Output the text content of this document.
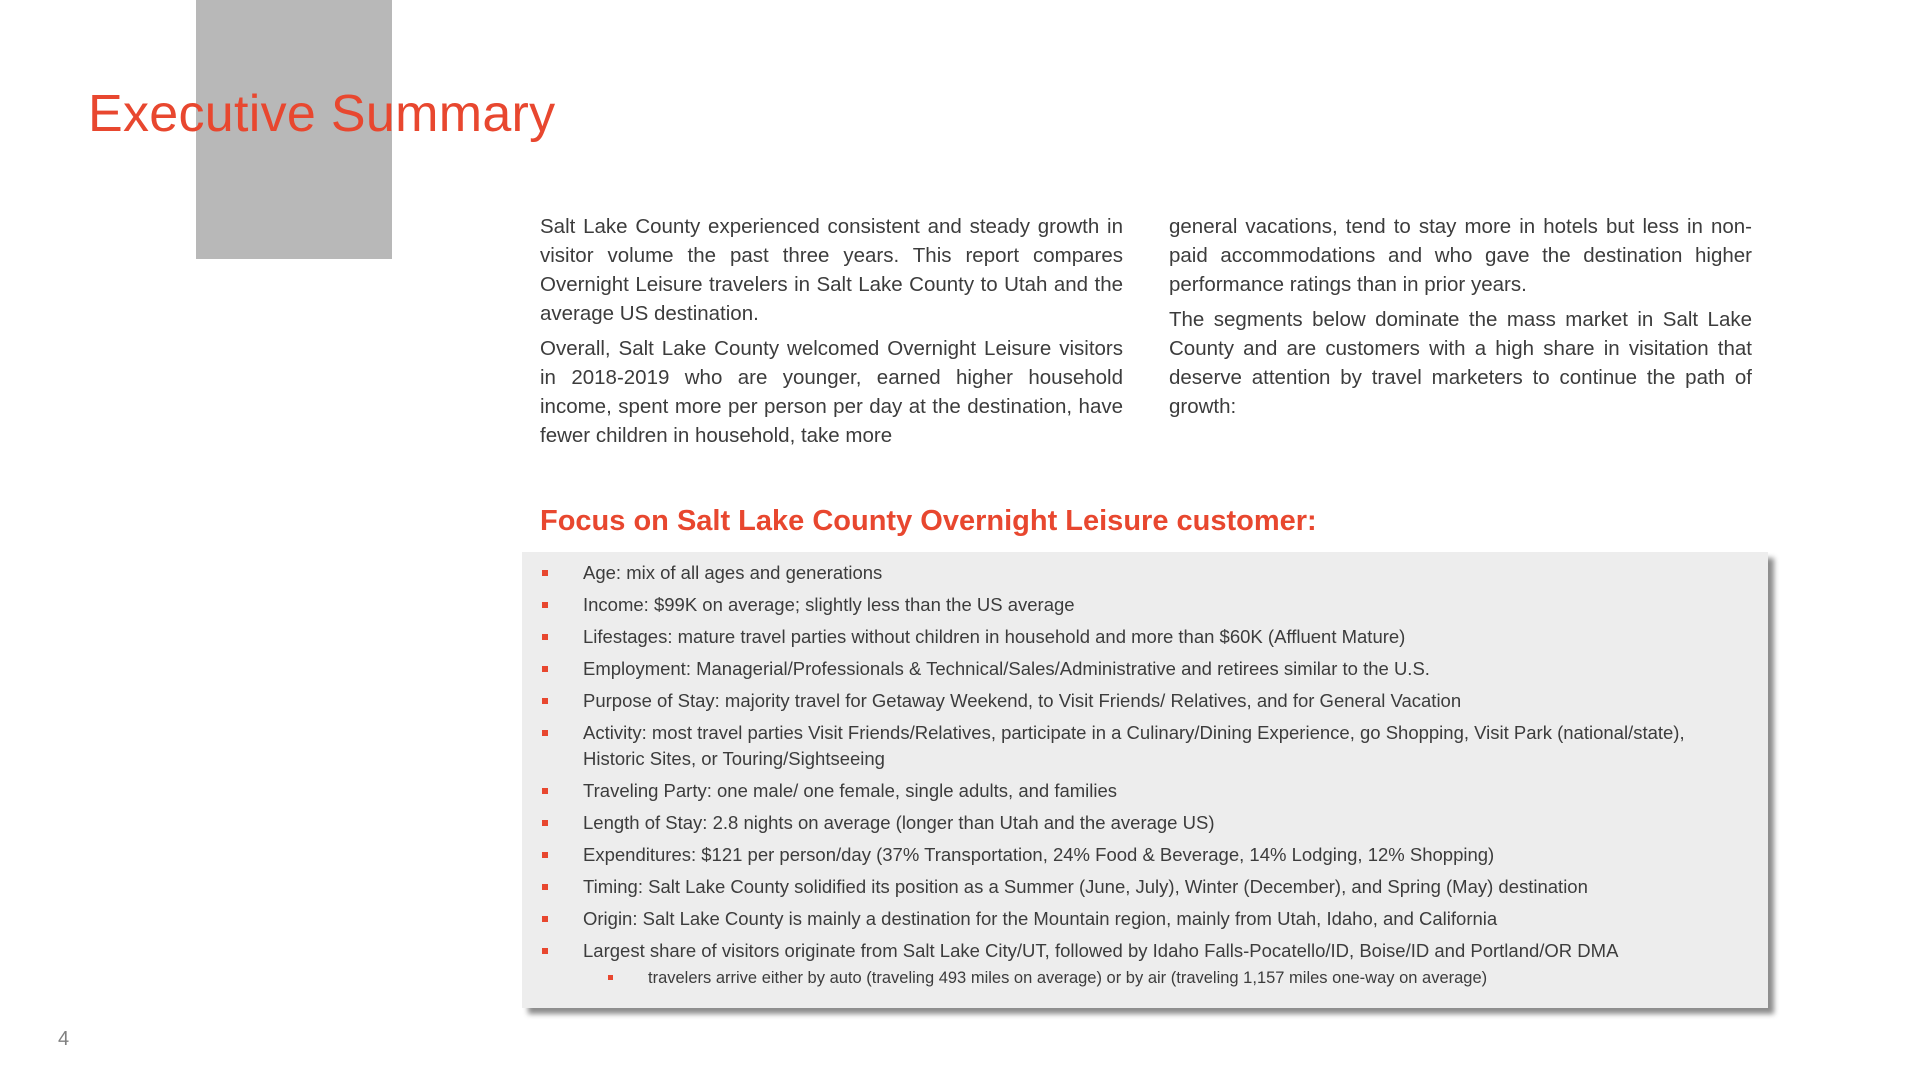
Executive Summary

Salt Lake County experienced consistent and steady growth in visitor volume the past three years. This report compares Overnight Leisure travelers in Salt Lake County to Utah and the average US destination.

Overall, Salt Lake County welcomed Overnight Leisure visitors in 2018-2019 who are younger, earned higher household income, spent more per person per day at the destination, have fewer children in household, take more

general vacations, tend to stay more in hotels but less in non-paid accommodations and who gave the destination higher performance ratings than in prior years.

The segments below dominate the mass market in Salt Lake County and are customers with a high share in visitation that deserve attention by travel marketers to continue the path of growth:

Focus on Salt Lake County Overnight Leisure customer:
Age: mix of all ages and generations
Income: $99K on average; slightly less than the US average
Lifestages: mature travel parties without children in household and more than $60K (Affluent Mature)
Employment: Managerial/Professionals & Technical/Sales/Administrative and retirees similar to the U.S.
Purpose of Stay: majority travel for Getaway Weekend, to Visit Friends/ Relatives, and for General Vacation
Activity: most travel parties Visit Friends/Relatives, participate in a Culinary/Dining Experience, go Shopping, Visit Park (national/state), Historic Sites, or Touring/Sightseeing
Traveling Party: one male/ one female, single adults, and families
Length of Stay: 2.8 nights on average (longer than Utah and the average US)
Expenditures: $121 per person/day (37% Transportation, 24% Food & Beverage, 14% Lodging, 12% Shopping)
Timing: Salt Lake County solidified its position as a Summer (June, July), Winter (December), and Spring (May) destination
Origin: Salt Lake County is mainly a destination for the Mountain region, mainly from Utah, Idaho, and California
Largest share of visitors originate from Salt Lake City/UT, followed by Idaho Falls-Pocatello/ID, Boise/ID and Portland/OR DMA
travelers arrive either by auto (traveling 493 miles on average) or by air (traveling 1,157 miles one-way on average)
4
